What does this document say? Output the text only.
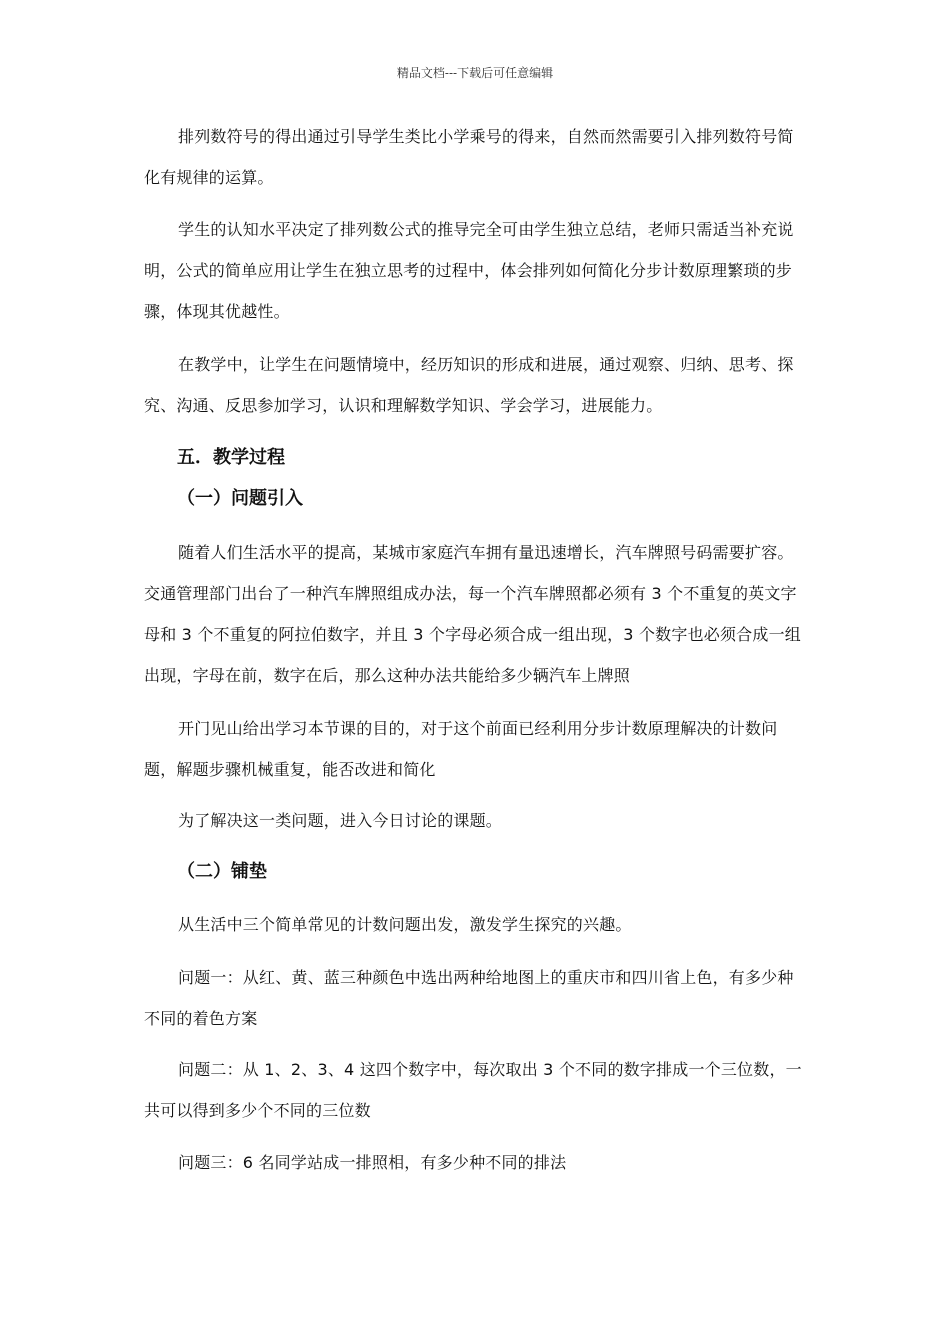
精品文档---下载后可任意编辑

排列数符号的得出通过引导学生类比小学乘号的得来，自然而然需要引入排列数符号简化有规律的运算。

学生的认知水平决定了排列数公式的推导完全可由学生独立总结，老师只需适当补充说明，公式的简单应用让学生在独立思考的过程中，体会排列如何简化分步计数原理繁琐的步骤，体现其优越性。

在教学中，让学生在问题情境中，经历知识的形成和进展，通过观察、归纳、思考、探究、沟通、反思参加学习，认识和理解数学知识、学会学习，进展能力。

五．教学过程
（一）问题引入

随着人们生活水平的提高，某城市家庭汽车拥有量迅速增长，汽车牌照号码需要扩容。交通管理部门出台了一种汽车牌照组成办法，每一个汽车牌照都必须有 3 个不重复的英文字母和 3 个不重复的阿拉伯数字，并且 3 个字母必须合成一组出现，3 个数字也必须合成一组出现，字母在前，数字在后，那么这种办法共能给多少辆汽车上牌照

开门见山给出学习本节课的目的，对于这个前面已经利用分步计数原理解决的计数问题，解题步骤机械重复，能否改进和简化

为了解决这一类问题，进入今日讨论的课题。

（二）铺垫

从生活中三个简单常见的计数问题出发，激发学生探究的兴趣。

问题一：从红、黄、蓝三种颜色中选出两种给地图上的重庆市和四川省上色，有多少种不同的着色方案

问题二：从 1、2、3、4 这四个数字中，每次取出 3 个不同的数字排成一个三位数，一共可以得到多少个不同的三位数

问题三：6 名同学站成一排照相，有多少种不同的排法
